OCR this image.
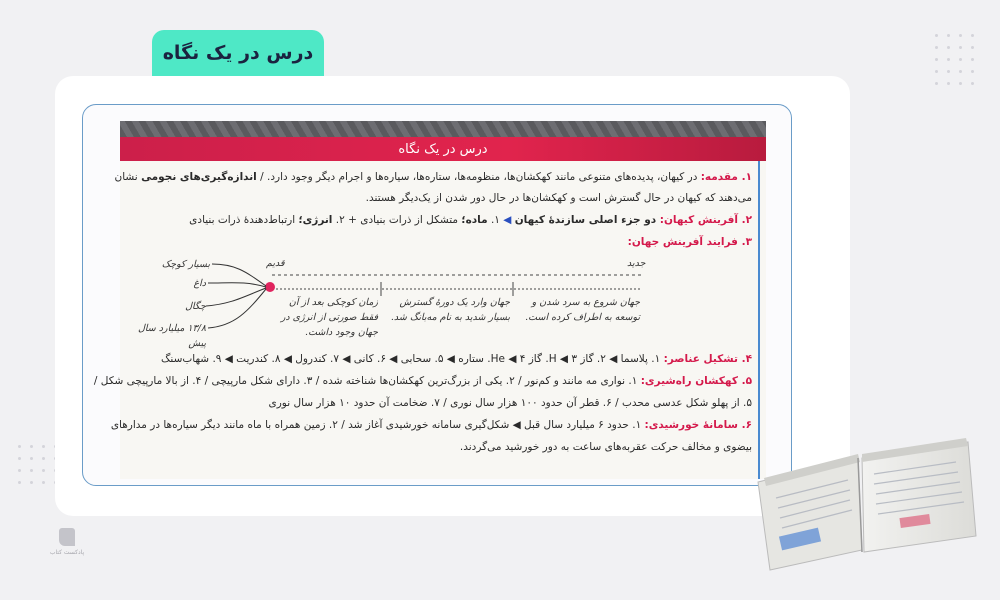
درس در یک نگاه
درس در یک نگاه
۱. مقدمه: در کیهان، پدیده‌های متنوعی مانند کهکشان‌ها، منظومه‌ها، ستاره‌ها، سیاره‌ها و اجرام دیگر وجود دارد. / اندازه‌گیری‌های نجومی نشان
می‌دهند که کیهان در حال گسترش است و کهکشان‌ها در حال دور شدن از یک‌دیگر هستند.
۲. آفرینش کیهان: دو جزء اصلی سازندهٔ کیهان ◀ ۱. ماده؛ متشکل از ذرات بنیادی + ۲. انرژی؛ ارتباط‌دهندهٔ ذرات بنیادی
۳. فرایند آفرینش جهان:
قدیم	جدید
بسیار کوچک
داغ
چگال
۱۳/۸ میلیارد سال پیش
زمان کوچکی بعد از آن
فقط صورتی از انرژی در
جهان وجود داشت.
جهان وارد یک دورهٔ گسترش
بسیار شدید به نام مه‌بانگ شد.
جهان شروع به سرد شدن و
توسعه به اطراف کرده است.
۴. تشکیل عناصر: ۱. پلاسما ◀ ۲. گاز H ◀ ۳. گاز He ◀ ۴. ستاره ◀ ۵. سحابی ◀ ۶. کانی ◀ ۷. کندرول ◀ ۸. کندریت ◀ ۹. شهاب‌سنگ
۵. کهکشان راه‌شیری: ۱. نواری مه مانند و کم‌نور / ۲. یکی از بزرگ‌ترین کهکشان‌ها شناخته شده / ۳. دارای شکل مارپیچی / ۴. از بالا مارپیچی شکل /
۵. از پهلو شکل عدسی محدب / ۶. قطر آن حدود ۱۰۰ هزار سال نوری / ۷. ضخامت آن حدود ۱۰ هزار سال نوری
۶. سامانهٔ خورشیدی: ۱. حدود ۶ میلیارد سال قبل ◀ شکل‌گیری سامانه خورشیدی آغاز شد / ۲. زمین همراه با ماه مانند دیگر سیاره‌ها در مدارهای
بیضوی و مخالف حرکت عقربه‌های ساعت به دور خورشید می‌گردند.
پادکست کتاب
